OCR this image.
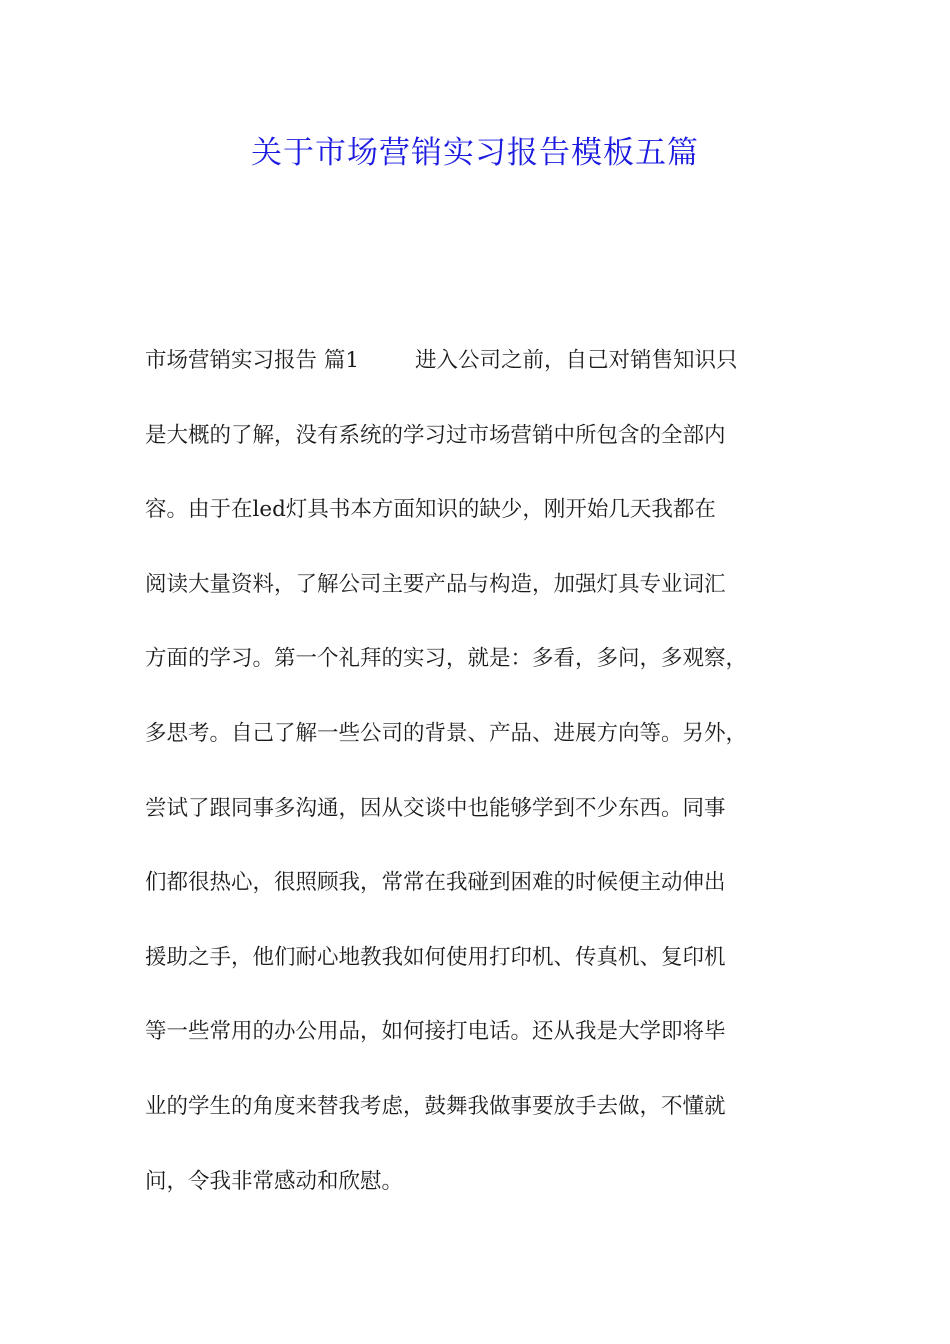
关于市场营销实习报告模板五篇
市场营销实习报告 篇1	进入公司之前，自己对销售知识只
是大概的了解，没有系统的学习过市场营销中所包含的全部内
容。由于在led灯具书本方面知识的缺少，刚开始几天我都在
阅读大量资料，了解公司主要产品与构造，加强灯具专业词汇
方面的学习。第一个礼拜的实习，就是：多看，多问，多观察，
多思考。自己了解一些公司的背景、产品、进展方向等。另外，
尝试了跟同事多沟通，因从交谈中也能够学到不少东西。同事
们都很热心，很照顾我，常常在我碰到困难的时候便主动伸出
援助之手，他们耐心地教我如何使用打印机、传真机、复印机
等一些常用的办公用品，如何接打电话。还从我是大学即将毕
业的学生的角度来替我考虑，鼓舞我做事要放手去做，不懂就
问，令我非常感动和欣慰。
